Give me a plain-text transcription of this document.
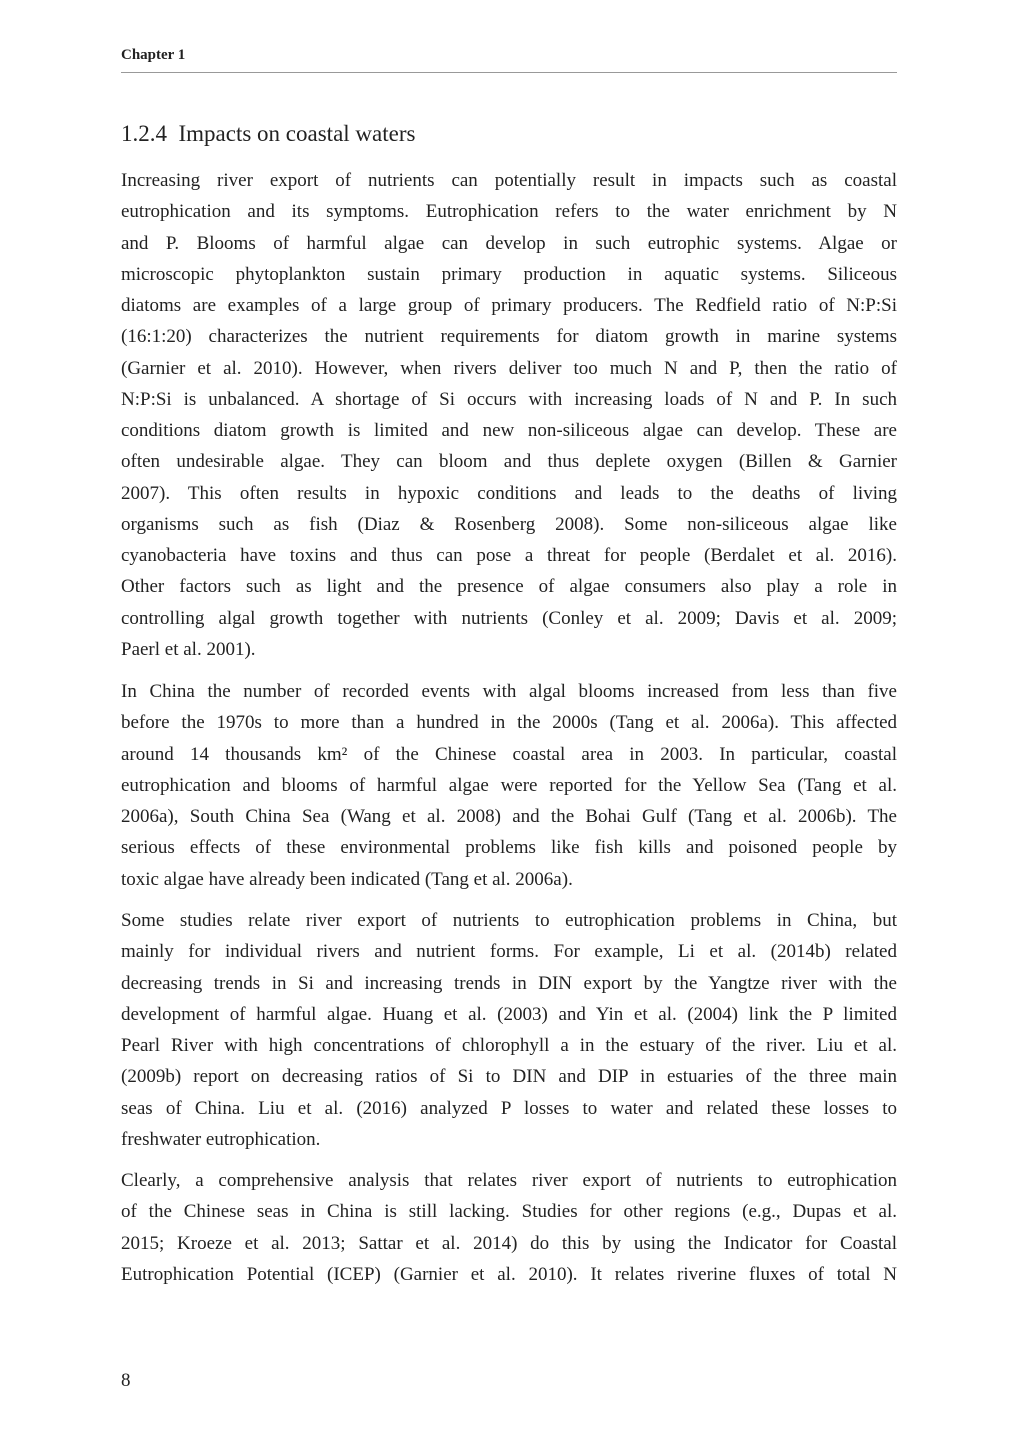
Chapter 1
1.2.4  Impacts on coastal waters
Increasing river export of nutrients can potentially result in impacts such as coastal
eutrophication and its symptoms. Eutrophication refers to the water enrichment by N
and P. Blooms of harmful algae can develop in such eutrophic systems. Algae or
microscopic phytoplankton sustain primary production in aquatic systems. Siliceous
diatoms are examples of a large group of primary producers. The Redfield ratio of N:P:Si
(16:1:20) characterizes the nutrient requirements for diatom growth in marine systems
(Garnier et al. 2010). However, when rivers deliver too much N and P, then the ratio of
N:P:Si is unbalanced. A shortage of Si occurs with increasing loads of N and P. In such
conditions diatom growth is limited and new non-siliceous algae can develop. These are
often undesirable algae. They can bloom and thus deplete oxygen (Billen & Garnier
2007). This often results in hypoxic conditions and leads to the deaths of living
organisms such as fish (Diaz & Rosenberg 2008). Some non-siliceous algae like
cyanobacteria have toxins and thus can pose a threat for people (Berdalet et al. 2016).
Other factors such as light and the presence of algae consumers also play a role in
controlling algal growth together with nutrients (Conley et al. 2009; Davis et al. 2009;
Paerl et al. 2001).
In China the number of recorded events with algal blooms increased from less than five
before the 1970s to more than a hundred in the 2000s (Tang et al. 2006a). This affected
around 14 thousands km² of the Chinese coastal area in 2003. In particular, coastal
eutrophication and blooms of harmful algae were reported for the Yellow Sea (Tang et al.
2006a), South China Sea (Wang et al. 2008) and the Bohai Gulf (Tang et al. 2006b). The
serious effects of these environmental problems like fish kills and poisoned people by
toxic algae have already been indicated (Tang et al. 2006a).
Some studies relate river export of nutrients to eutrophication problems in China, but
mainly for individual rivers and nutrient forms. For example, Li et al. (2014b) related
decreasing trends in Si and increasing trends in DIN export by the Yangtze river with the
development of harmful algae. Huang et al. (2003) and Yin et al. (2004) link the P limited
Pearl River with high concentrations of chlorophyll a in the estuary of the river. Liu et al.
(2009b) report on decreasing ratios of Si to DIN and DIP in estuaries of the three main
seas of China. Liu et al. (2016) analyzed P losses to water and related these losses to
freshwater eutrophication.
Clearly, a comprehensive analysis that relates river export of nutrients to eutrophication
of the Chinese seas in China is still lacking. Studies for other regions (e.g., Dupas et al.
2015; Kroeze et al. 2013; Sattar et al. 2014) do this by using the Indicator for Coastal
Eutrophication Potential (ICEP) (Garnier et al. 2010). It relates riverine fluxes of total N
8
